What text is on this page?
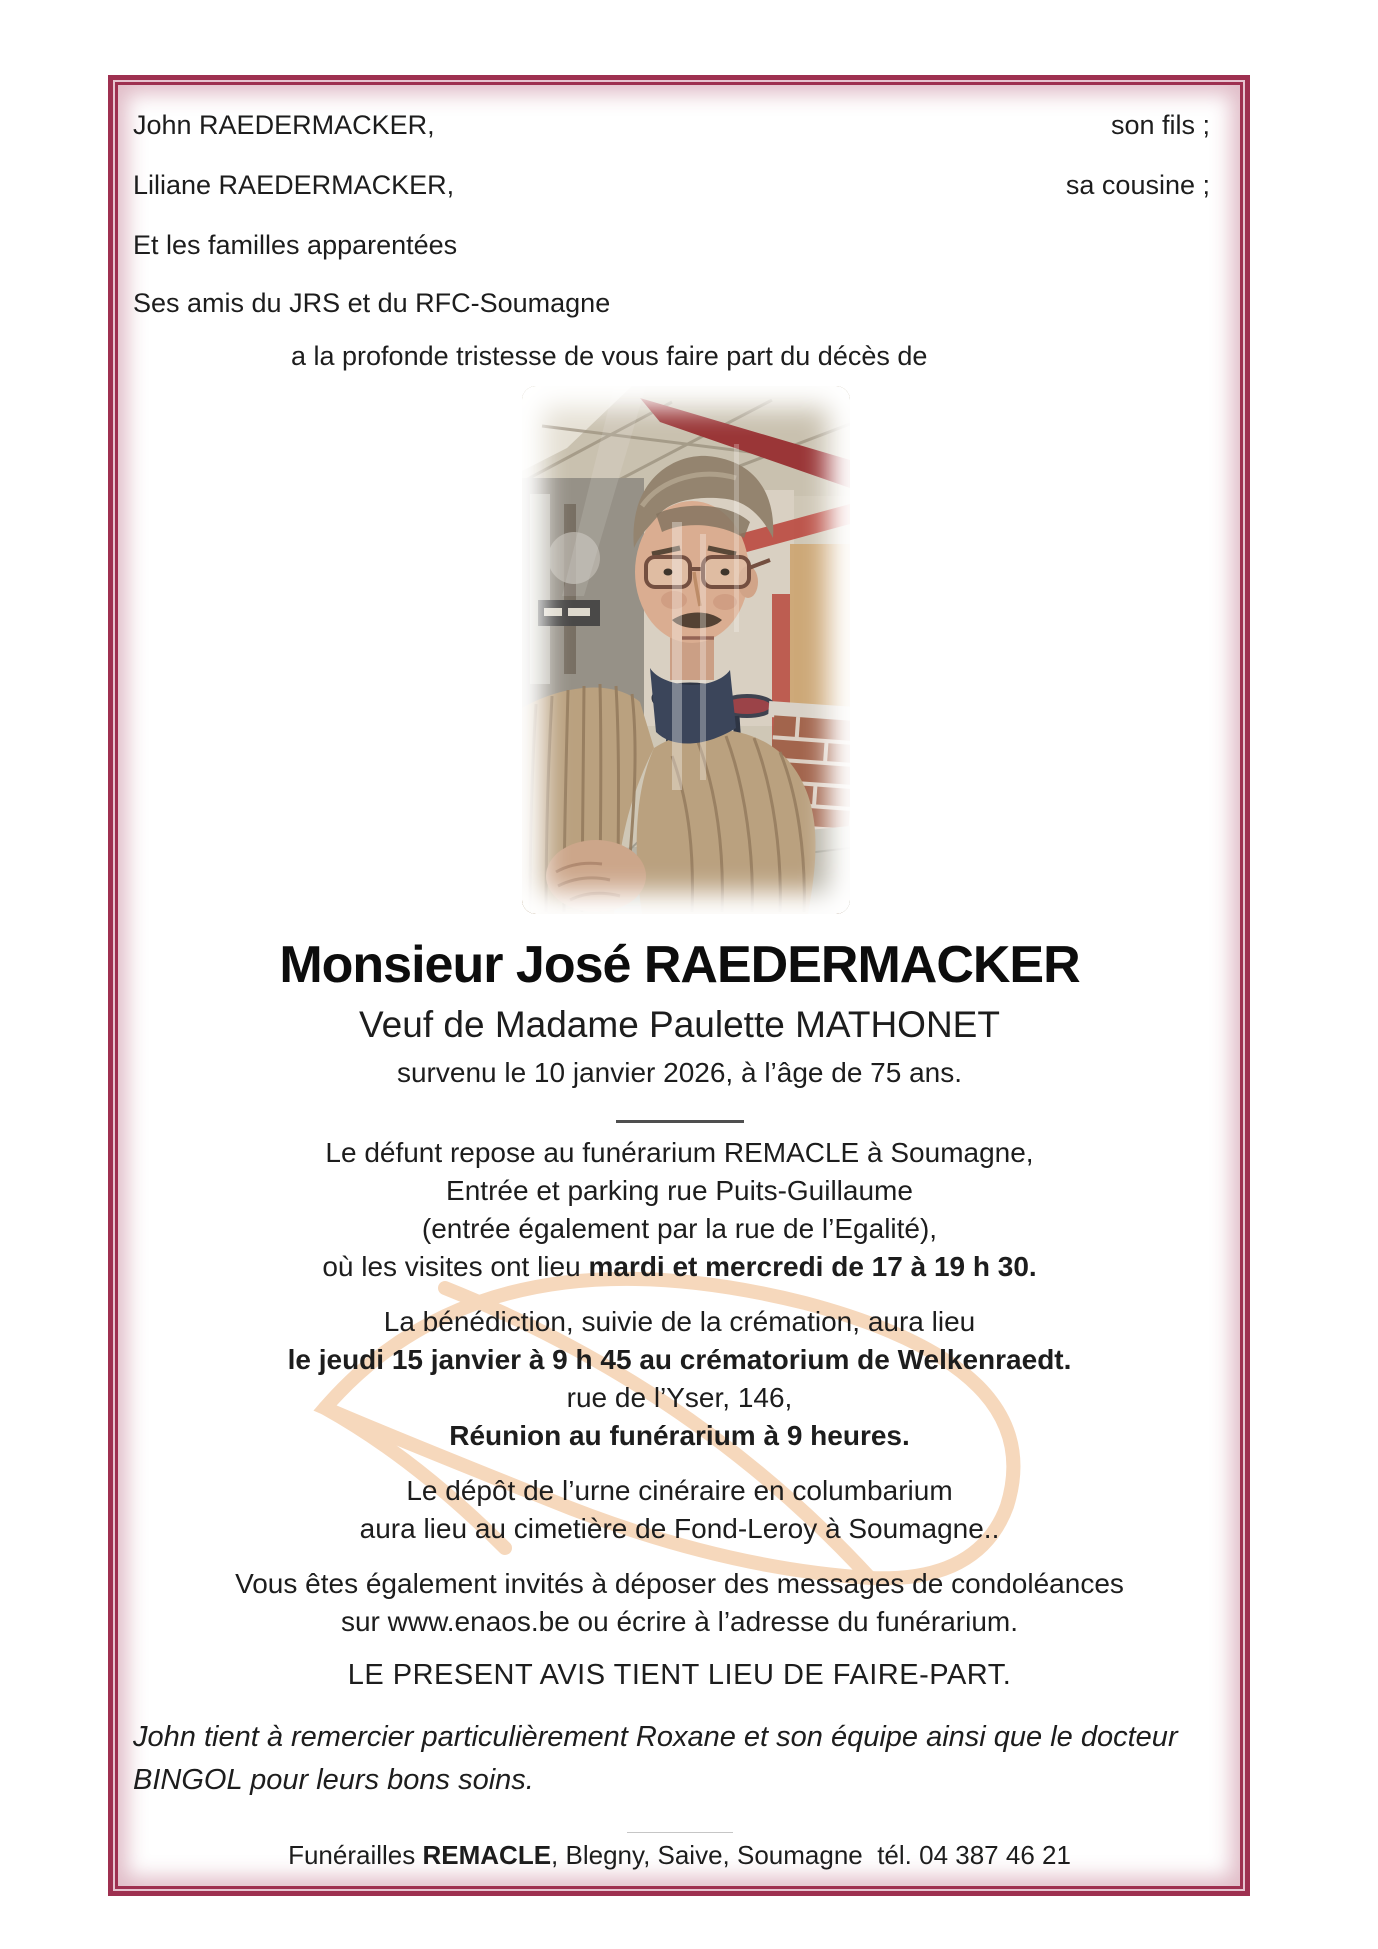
John RAEDERMACKER,	son fils ;
Liliane RAEDERMACKER,	sa cousine ;
Et les familles apparentées
Ses amis du JRS et du RFC-Soumagne
a la profonde tristesse de vous faire part du décès de
Monsieur José RAEDERMACKER
Veuf de Madame Paulette MATHONET
survenu le 10 janvier 2026, à l’âge de 75 ans.
Le défunt repose au funérarium REMACLE à Soumagne,
Entrée et parking rue Puits-Guillaume
(entrée également par la rue de l’Egalité),
où les visites ont lieu mardi et mercredi de 17 à 19 h 30.
La bénédiction, suivie de la crémation, aura lieu
le jeudi 15 janvier à 9 h 45 au crématorium de Welkenraedt.
rue de l’Yser, 146,
Réunion au funérarium à 9 heures.
Le dépôt de l’urne cinéraire en columbarium
aura lieu au cimetière de Fond-Leroy à Soumagne..
Vous êtes également invités à déposer des messages de condoléances
sur www.enaos.be ou écrire à l’adresse du funérarium.
LE PRESENT AVIS TIENT LIEU DE FAIRE-PART.
John tient à remercier particulièrement Roxane et son équipe ainsi que le docteur
BINGOL pour leurs bons soins.
Funérailles REMACLE, Blegny, Saive, Soumagne  tél. 04 387 46 21
